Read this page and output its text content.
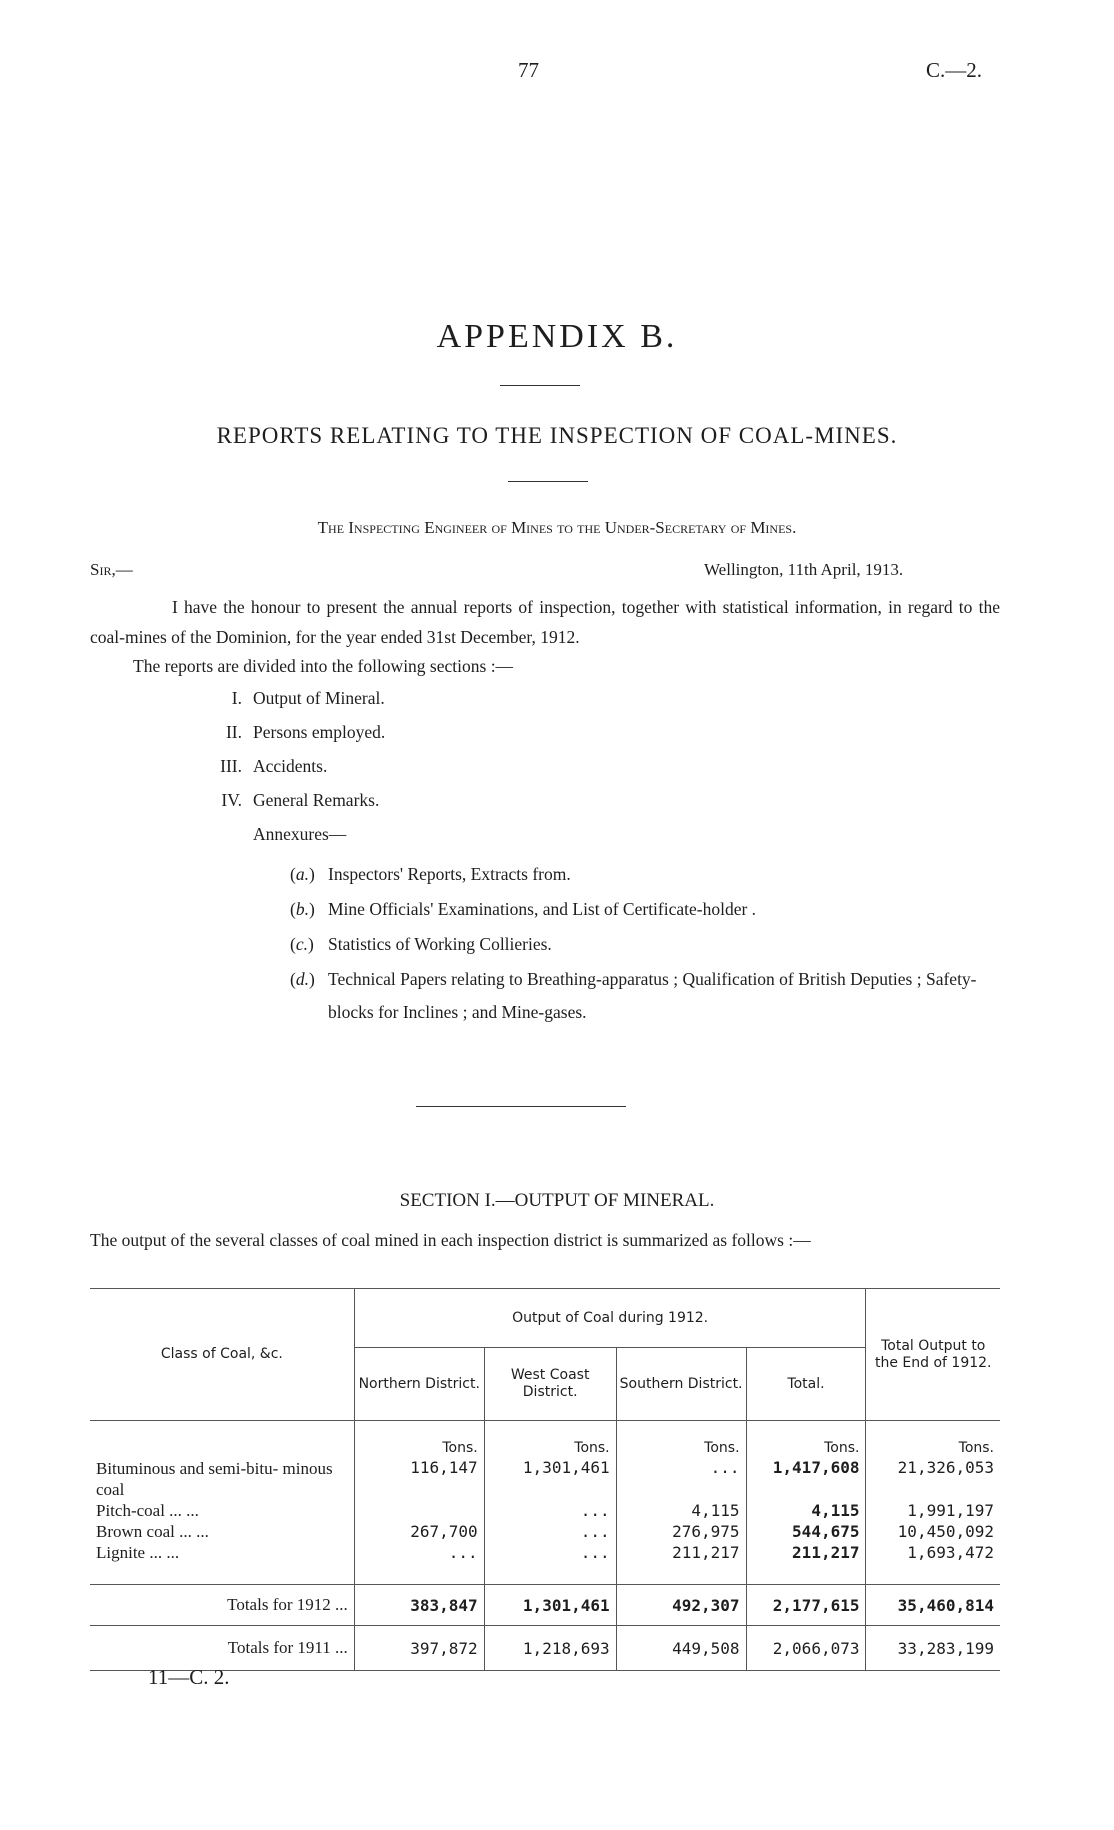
77	C.—2.
APPENDIX B.
REPORTS RELATING TO THE INSPECTION OF COAL-MINES.
The Inspecting Engineer of Mines to the Under-Secretary of Mines.
Sir,—	Wellington, 11th April, 1913.
I have the honour to present the annual reports of inspection, together with statistical information, in regard to the coal-mines of the Dominion, for the year ended 31st December, 1912.
The reports are divided into the following sections :—
I. Output of Mineral.
II. Persons employed.
III. Accidents.
IV. General Remarks.
Annexures—
(a.) Inspectors' Reports, Extracts from.
(b.) Mine Officials' Examinations, and List of Certificate-holder .
(c.) Statistics of Working Collieries.
(d.) Technical Papers relating to Breathing-apparatus ; Qualification of British Deputies ; Safety-blocks for Inclines ; and Mine-gases.
SECTION I.—OUTPUT OF MINERAL.
The output of the several classes of coal mined in each inspection district is summarized as follows :—
Class of Coal, &c.	Output of Coal during 1912.				Total Output to the End of 1912.
	Northern District.	West Coast District.	Southern District.	Total.	
	Tons.	Tons.	Tons.	Tons.	Tons.
Bituminous and semi-bitu- minous coal	116,147	1,301,461	...	1,417,608	21,326,053
Pitch-coal ... ...		...	4,115	4,115	1,991,197
Brown coal ... ...	267,700	...	276,975	544,675	10,450,092
Lignite ... ...	...	...	211,217	211,217	1,693,472

Totals for 1912 ...	383,847	1,301,461	492,307	2,177,615	35,460,814
Totals for 1911 ...	397,872	1,218,693	449,508	2,066,073	33,283,199
11—C. 2.
